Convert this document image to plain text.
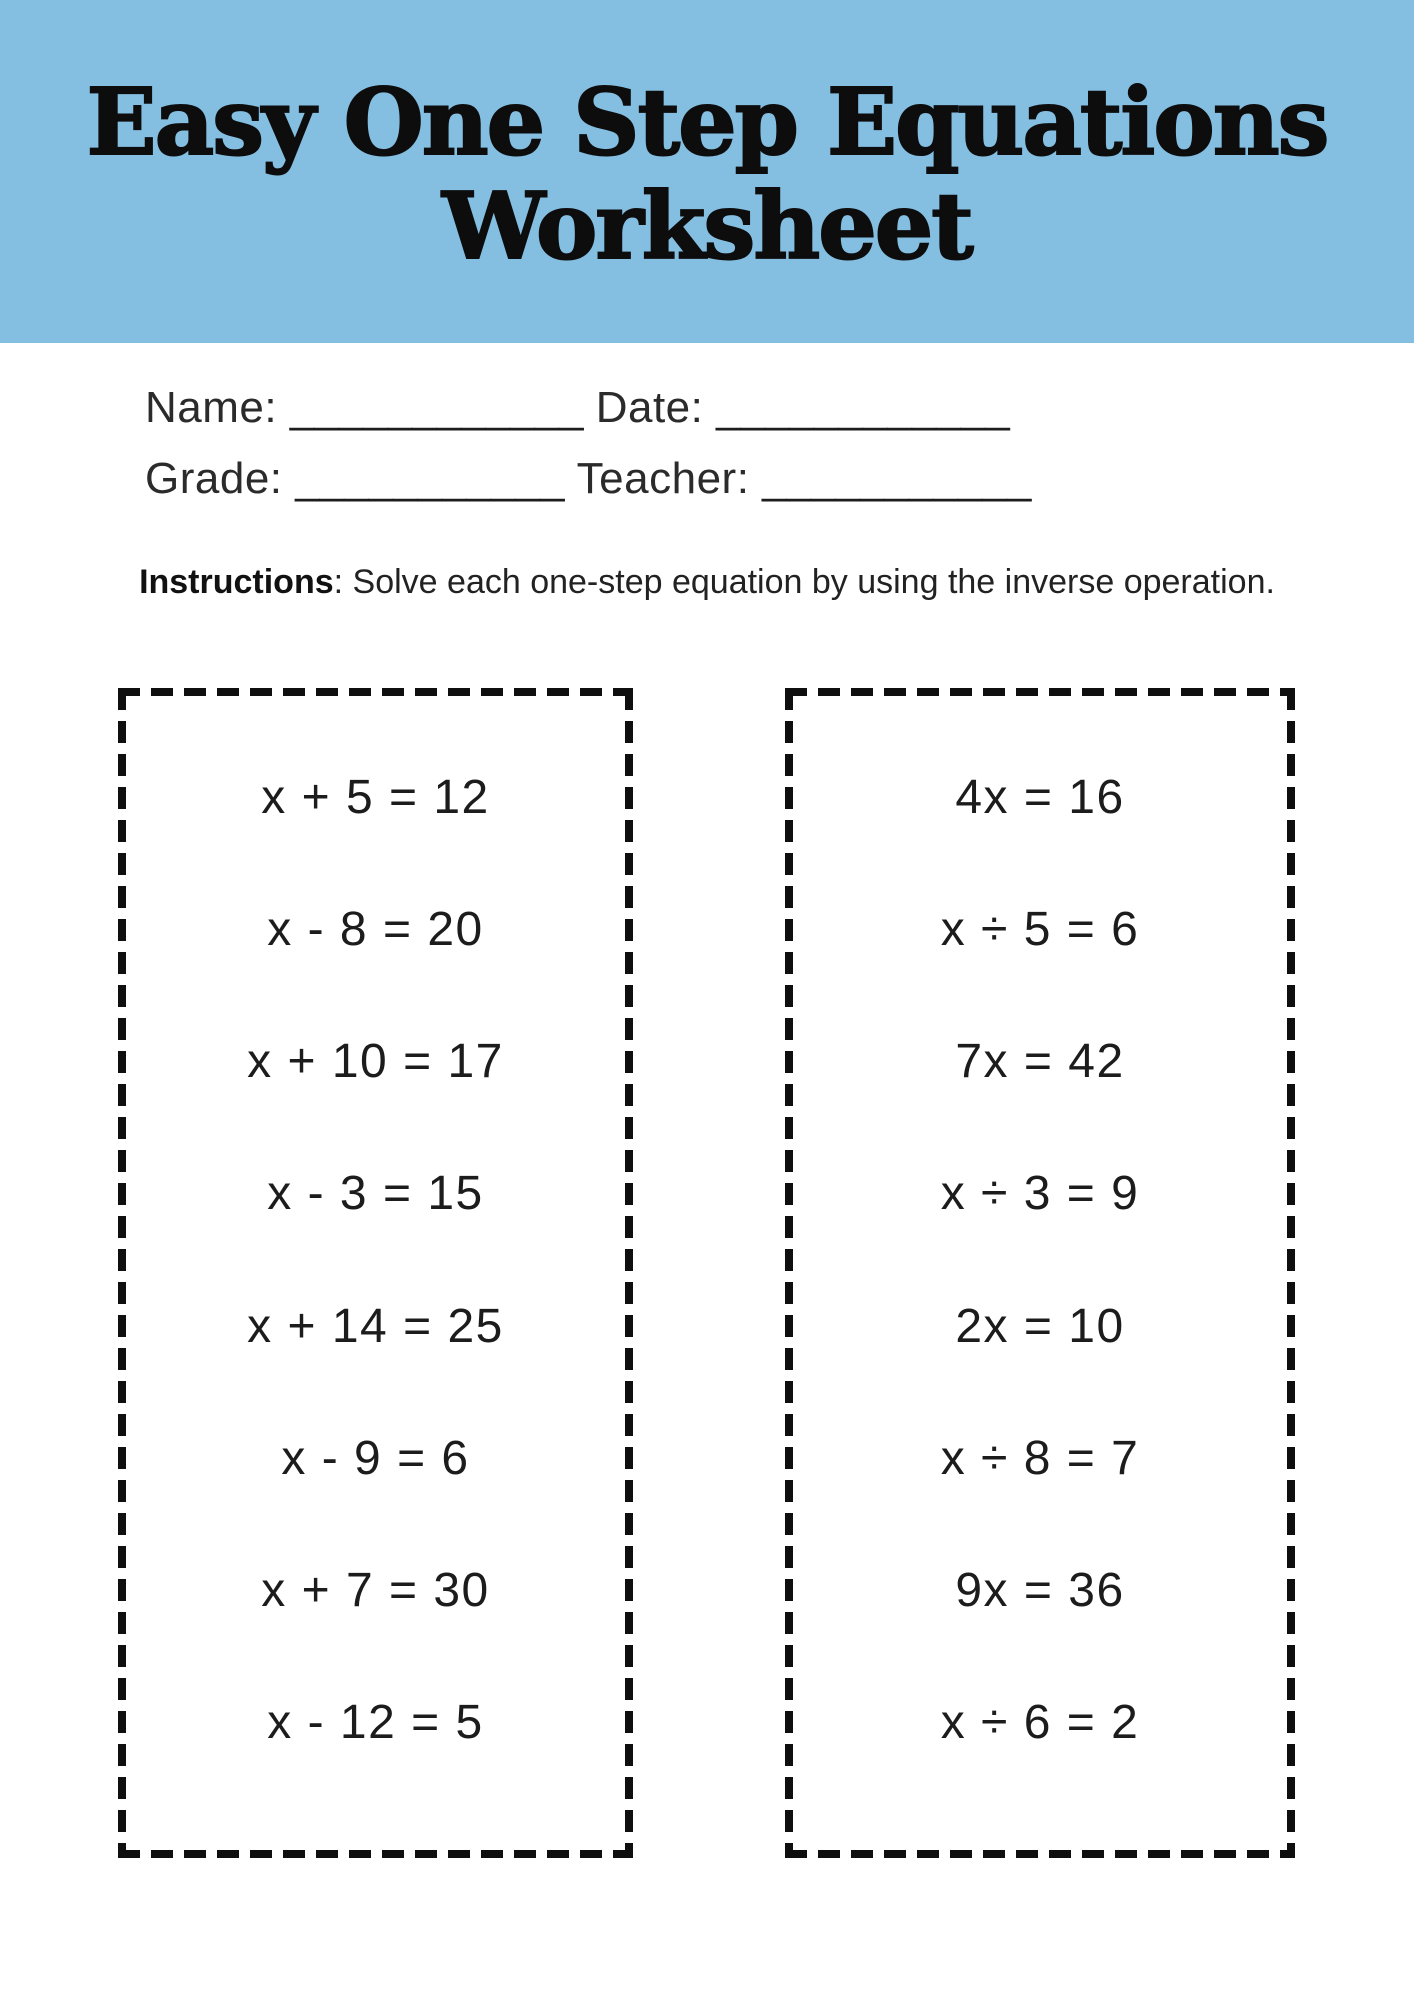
Easy One Step Equations
Worksheet
Name: ____________ Date: ____________
Grade: ___________ Teacher: ___________
Instructions: Solve each one-step equation by using the inverse operation.
x + 5 = 12
x - 8 = 20
x + 10 = 17
x - 3 = 15
x + 14 = 25
x - 9 = 6
x + 7 = 30
x - 12 = 5
4x = 16
x ÷ 5 = 6
7x = 42
x ÷ 3 = 9
2x = 10
x ÷ 8 = 7
9x = 36
x ÷ 6 = 2
